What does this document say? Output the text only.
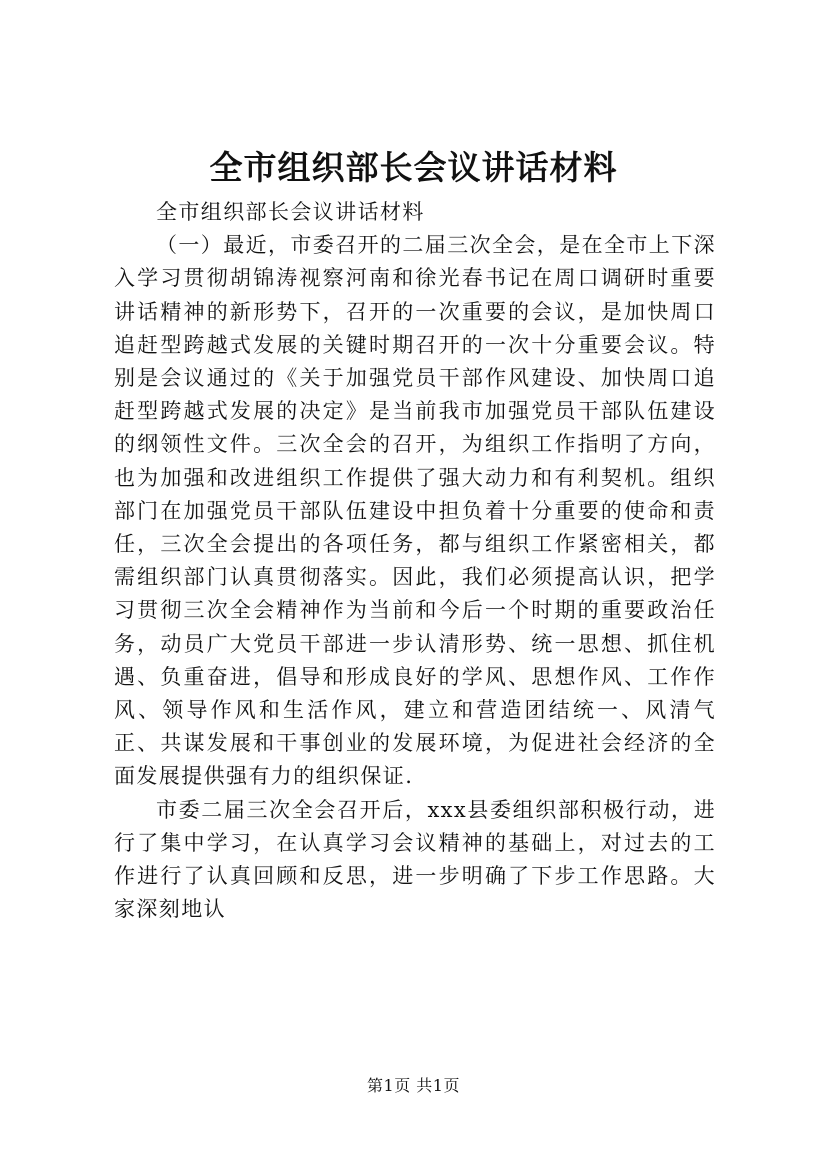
全市组织部长会议讲话材料

全市组织部长会议讲话材料

（一）最近，市委召开的二届三次全会，是在全市上下深入学习贯彻胡锦涛视察河南和徐光春书记在周口调研时重要讲话精神的新形势下，召开的一次重要的会议，是加快周口追赶型跨越式发展的关键时期召开的一次十分重要会议。特别是会议通过的《关于加强党员干部作风建设、加快周口追赶型跨越式发展的决定》是当前我市加强党员干部队伍建设的纲领性文件。三次全会的召开，为组织工作指明了方向，也为加强和改进组织工作提供了强大动力和有利契机。组织部门在加强党员干部队伍建设中担负着十分重要的使命和责任，三次全会提出的各项任务，都与组织工作紧密相关，都需组织部门认真贯彻落实。因此，我们必须提高认识，把学习贯彻三次全会精神作为当前和今后一个时期的重要政治任务，动员广大党员干部进一步认清形势、统一思想、抓住机遇、负重奋进，倡导和形成良好的学风、思想作风、工作作风、领导作风和生活作风，建立和营造团结统一、风清气正、共谋发展和干事创业的发展环境，为促进社会经济的全面发展提供强有力的组织保证.

市委二届三次全会召开后，xxx县委组织部积极行动，进行了集中学习，在认真学习会议精神的基础上，对过去的工作进行了认真回顾和反思，进一步明确了下步工作思路。大家深刻地认

第1页 共1页
